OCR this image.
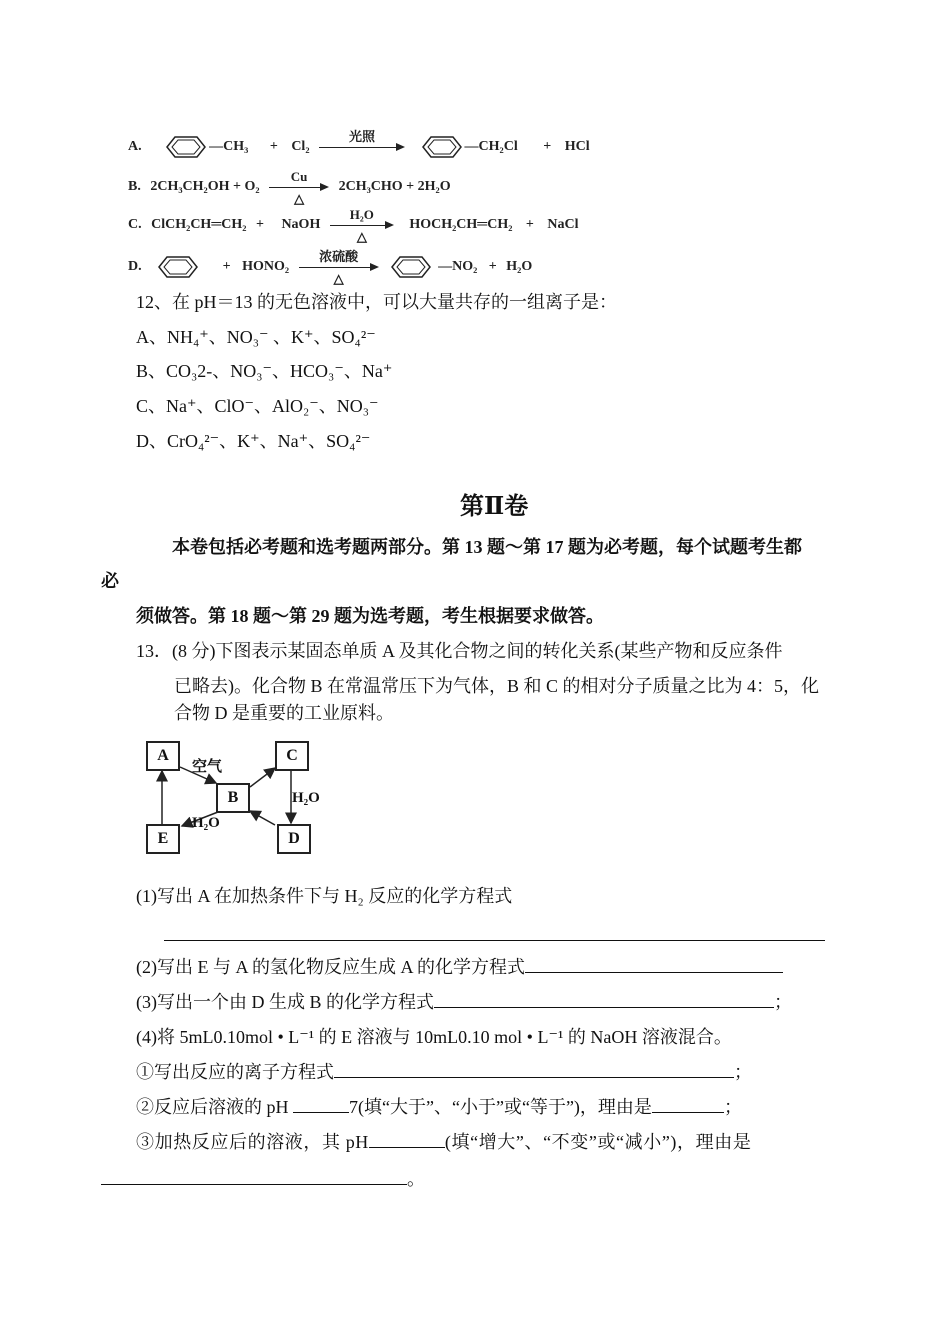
A.	—CH₃ + Cl₂
光照
—CH₂Cl + HCl
B. 2CH₃CH₂OH + O₂
Cu
△
2CH₃CHO + 2H₂O
C. ClCH₂CH═CH₂ + NaOH
H₂O
△
HOCH₂CH═CH₂ + NaCl
D.	+ HONO₂
浓硫酸
△
—NO₂ + H₂O
12、在 pH＝13 的无色溶液中，可以大量共存的一组离子是：
A、NH₄⁺、NO₃⁻ 、K⁺、SO₄²⁻
B、CO₃2-、NO₃⁻、HCO₃⁻、Na⁺
C、Na⁺、ClO⁻、AlO₂⁻、NO₃⁻
D、CrO₄²⁻、K⁺、Na⁺、SO₄²⁻
第Ⅱ卷
本卷包括必考题和选考题两部分。第 13 题～第 17 题为必考题，每个试题考生都
必
须做答。第 18 题～第 29 题为选考题，考生根据要求做答。
13．(8 分)下图表示某固态单质 A 及其化合物之间的转化关系(某些产物和反应条件
已略去)。化合物 B 在常温常压下为气体，B 和 C 的相对分子质量之比为 4：5，化
合物 D 是重要的工业原料。
A
B
C
D
E
空气
H₂O
H₂O
(1)写出 A 在加热条件下与 H₂ 反应的化学方程式
(2)写出 E 与 A 的氢化物反应生成 A 的化学方程式
(3)写出一个由 D 生成 B 的化学方程式	；
(4)将 5mL0.10mol • L⁻¹ 的 E 溶液与 10mL0.10 mol • L⁻¹ 的 NaOH 溶液混合。
①写出反应的离子方程式	；
②反应后溶液的 pH	7(填“大于”、“小于”或“等于”)，理由是	；
③加热反应后的溶液，其 pH	(填“增大”、“不变”或“减小”)，理由是
。
